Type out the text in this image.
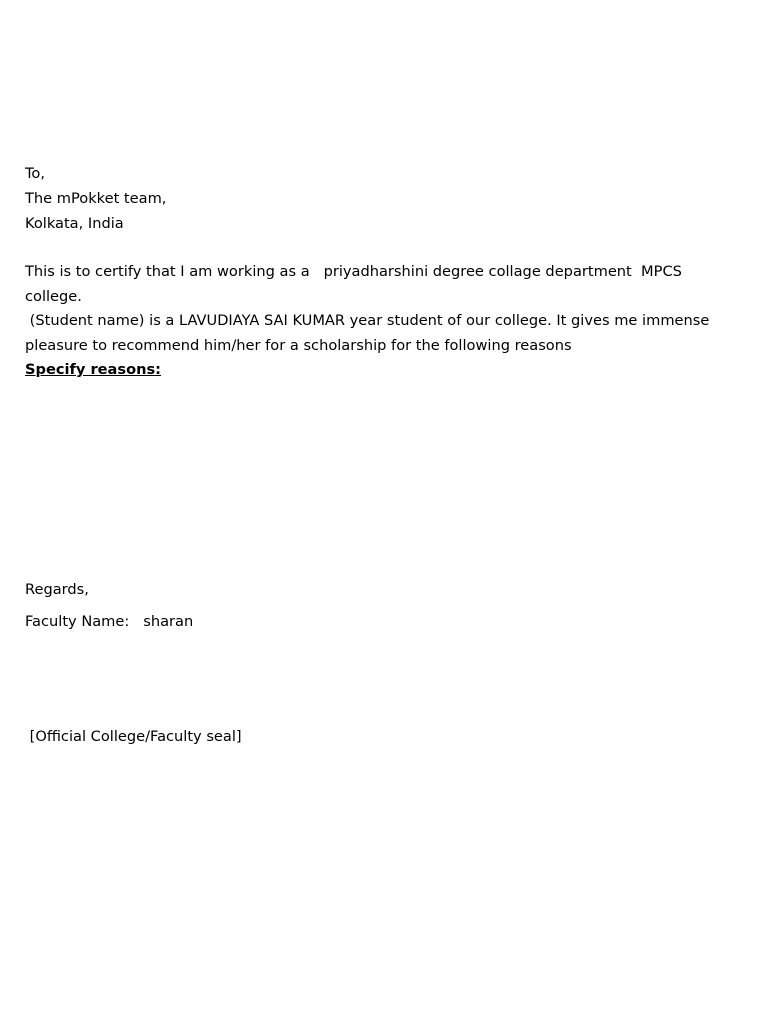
To,
The mPokket team,
Kolkata, India
This is to certify that I am working as a   priyadharshini degree collage department  MPCS
college.
(Student name) is a LAVUDIAYA SAI KUMAR year student of our college. It gives me immense
pleasure to recommend him/her for a scholarship for the following reasons
Specify reasons:
Regards,
Faculty Name:   sharan
[Official College/Faculty seal]
